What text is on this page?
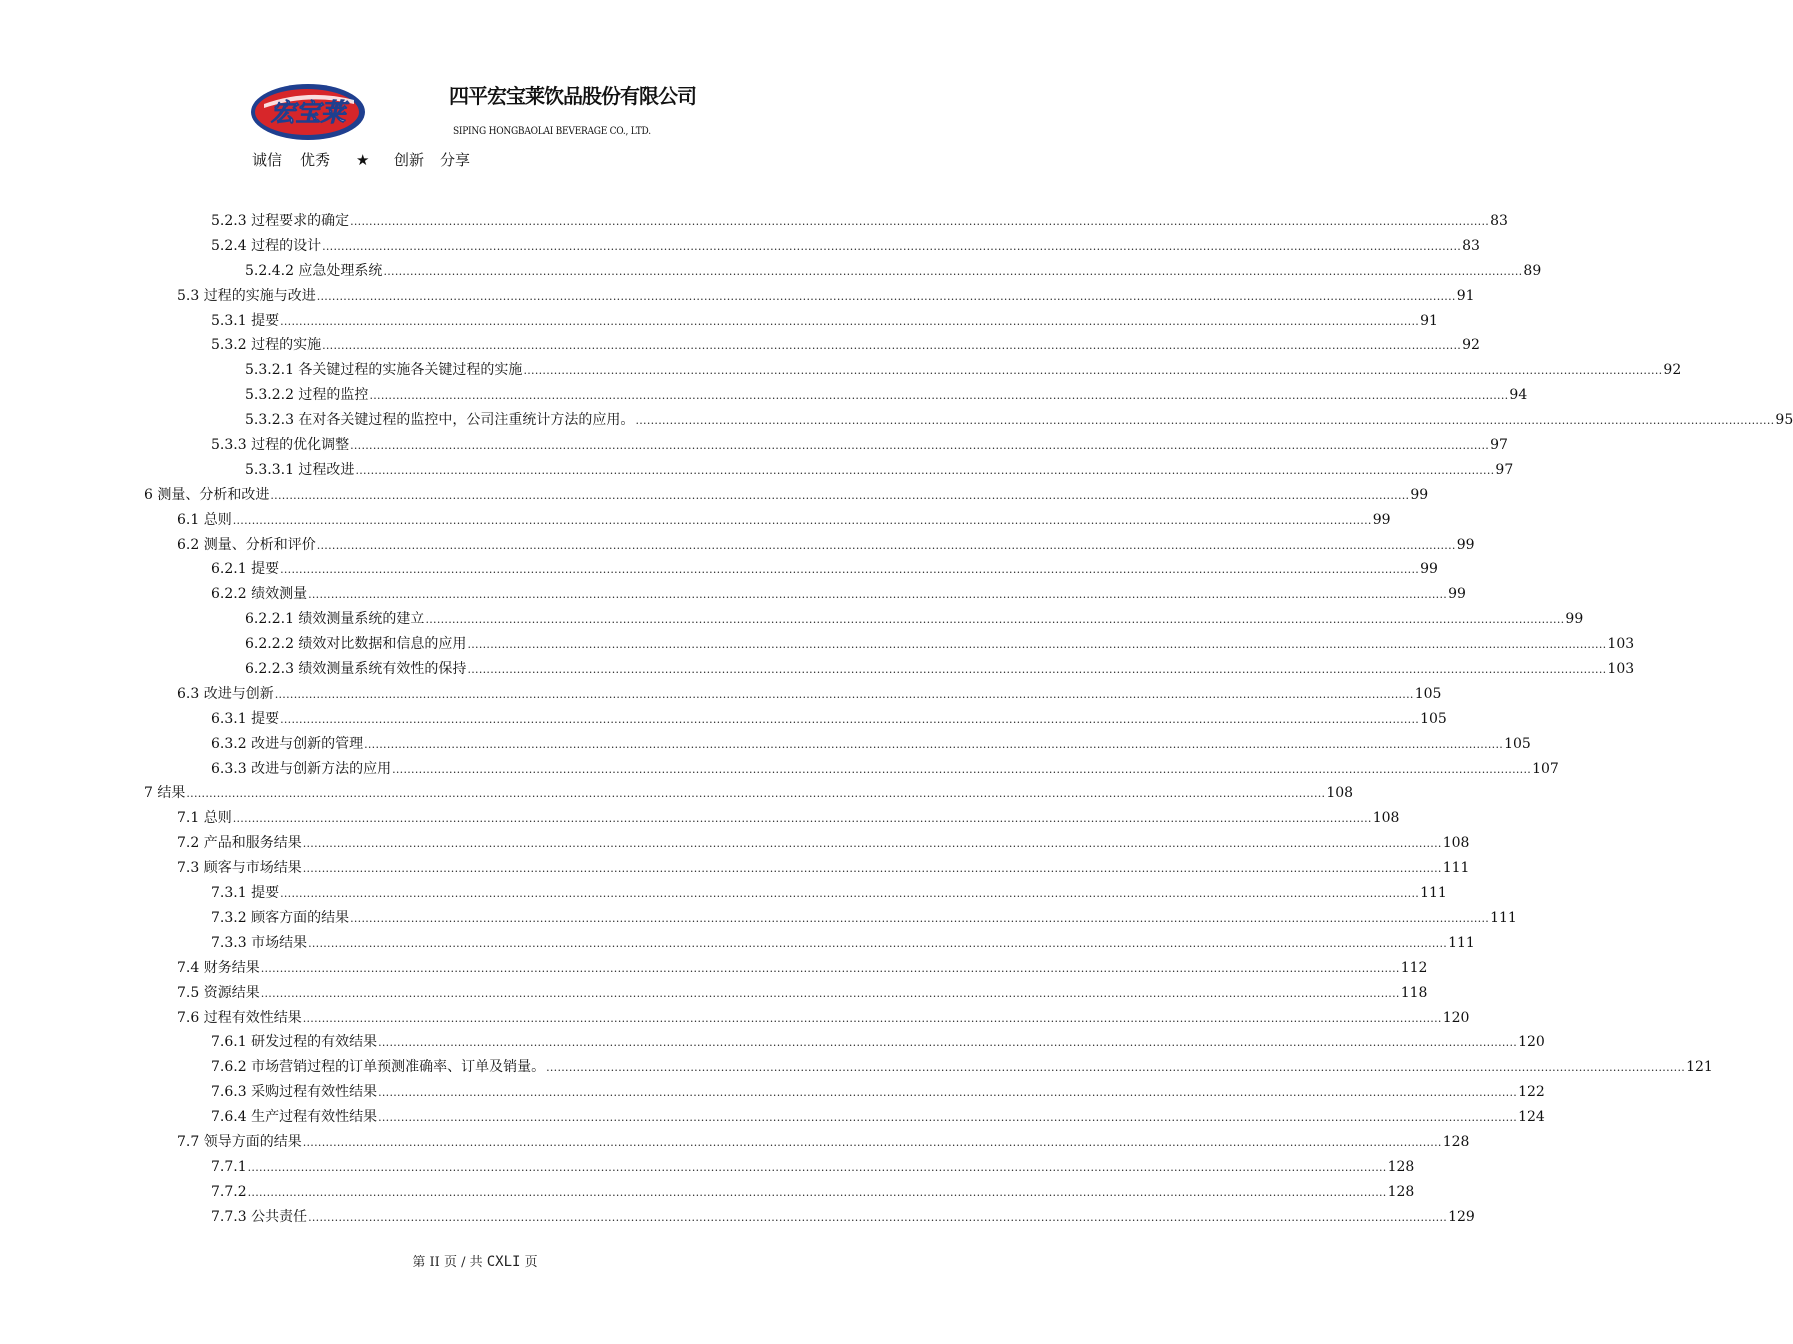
宏宝莱
四平宏宝莱饮品股份有限公司
SIPING HONGBAOLAI BEVERAGE CO., LTD.
诚信 优秀 ★ 创新 分享
5.2.3 过程要求的确定 ............................................................................................................................................................................................................................................................................................................ 83
5.2.4 过程的设计 ............................................................................................................................................................................................................................................................................................................ 83
5.2.4.2 应急处理系统 ............................................................................................................................................................................................................................................................................................................ 89
5.3 过程的实施与改进 ............................................................................................................................................................................................................................................................................................................ 91
5.3.1 提要 ............................................................................................................................................................................................................................................................................................................ 91
5.3.2 过程的实施 ............................................................................................................................................................................................................................................................................................................ 92
5.3.2.1 各关键过程的实施各关键过程的实施 ............................................................................................................................................................................................................................................................................................................ 92
5.3.2.2 过程的监控 ............................................................................................................................................................................................................................................................................................................ 94
5.3.2.3 在对各关键过程的监控中，公司注重统计方法的应用。 ............................................................................................................................................................................................................................................................................................................ 95
5.3.3 过程的优化调整 ............................................................................................................................................................................................................................................................................................................ 97
5.3.3.1 过程改进 ............................................................................................................................................................................................................................................................................................................ 97
6 测量、分析和改进 ............................................................................................................................................................................................................................................................................................................ 99
6.1 总则 ............................................................................................................................................................................................................................................................................................................ 99
6.2 测量、分析和评价 ............................................................................................................................................................................................................................................................................................................ 99
6.2.1 提要 ............................................................................................................................................................................................................................................................................................................ 99
6.2.2 绩效测量 ............................................................................................................................................................................................................................................................................................................ 99
6.2.2.1 绩效测量系统的建立 ............................................................................................................................................................................................................................................................................................................ 99
6.2.2.2 绩效对比数据和信息的应用 ............................................................................................................................................................................................................................................................................................................ 103
6.2.2.3 绩效测量系统有效性的保持 ............................................................................................................................................................................................................................................................................................................ 103
6.3 改进与创新 ............................................................................................................................................................................................................................................................................................................ 105
6.3.1 提要 ............................................................................................................................................................................................................................................................................................................ 105
6.3.2 改进与创新的管理 ............................................................................................................................................................................................................................................................................................................ 105
6.3.3 改进与创新方法的应用 ............................................................................................................................................................................................................................................................................................................ 107
7 结果 ............................................................................................................................................................................................................................................................................................................ 108
7.1 总则 ............................................................................................................................................................................................................................................................................................................ 108
7.2 产品和服务结果 ............................................................................................................................................................................................................................................................................................................ 108
7.3 顾客与市场结果 ............................................................................................................................................................................................................................................................................................................ 111
7.3.1 提要 ............................................................................................................................................................................................................................................................................................................ 111
7.3.2 顾客方面的结果 ............................................................................................................................................................................................................................................................................................................ 111
7.3.3 市场结果 ............................................................................................................................................................................................................................................................................................................ 111
7.4 财务结果 ............................................................................................................................................................................................................................................................................................................ 112
7.5 资源结果 ............................................................................................................................................................................................................................................................................................................ 118
7.6 过程有效性结果 ............................................................................................................................................................................................................................................................................................................ 120
7.6.1 研发过程的有效结果 ............................................................................................................................................................................................................................................................................................................ 120
7.6.2 市场营销过程的订单预测准确率、订单及销量。 ............................................................................................................................................................................................................................................................................................................ 121
7.6.3 采购过程有效性结果 ............................................................................................................................................................................................................................................................................................................ 122
7.6.4 生产过程有效性结果 ............................................................................................................................................................................................................................................................................................................ 124
7.7 领导方面的结果 ............................................................................................................................................................................................................................................................................................................ 128
7.7.1 ............................................................................................................................................................................................................................................................................................................ 128
7.7.2 ............................................................................................................................................................................................................................................................................................................ 128
7.7.3 公共责任 ............................................................................................................................................................................................................................................................................................................ 129
第 II 页 / 共 CXLI 页
